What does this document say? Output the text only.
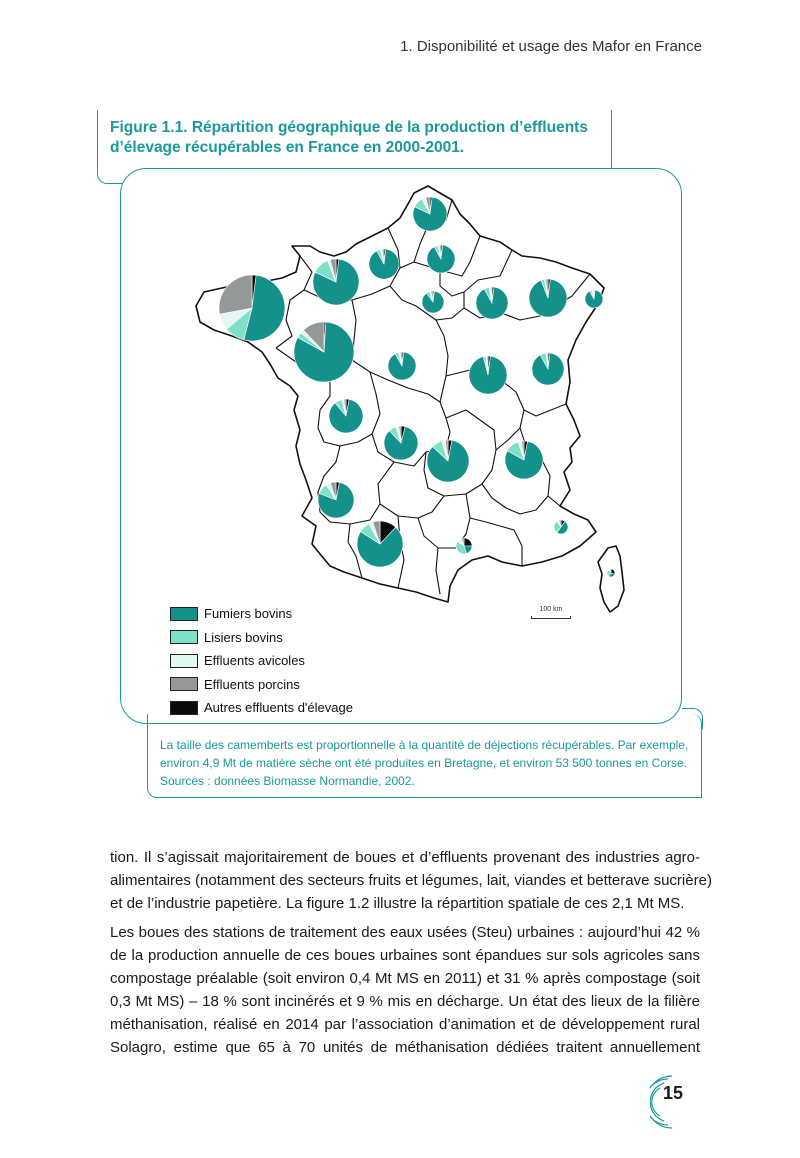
1. Disponibilité et usage des Mafor en France

Figure 1.1. Répartition géographique de la production d’effluents

d’élevage récupérables en France en 2000-2001.

100 km
Fumiers bovins
Lisiers bovins
Effluents avicoles
Effluents porcins
Autres effluents d'élevage

La taille des camemberts est proportionnelle à la quantité de déjections récupérables. Par exemple,

environ 4,9 Mt de matière sèche ont été produites en Bretagne, et environ 53 500 tonnes en Corse.

Sources : données Biomasse Normandie, 2002.

tion. Il s’agissait majoritairement de boues et d’effluents provenant des industries agro-
alimentaires (notamment des secteurs fruits et légumes, lait, viandes et betterave sucrière)
et de l’industrie papetière. La figure 1.2 illustre la répartition spatiale de ces 2,1 Mt MS.

Les boues des stations de traitement des eaux usées (Steu) urbaines : aujourd’hui 42 %
de la production annuelle de ces boues urbaines sont épandues sur sols agricoles sans
compostage préalable (soit environ 0,4 Mt MS en 2011) et 31 % après compostage (soit
0,3 Mt MS) – 18 % sont incinérés et 9 % mis en décharge. Un état des lieux de la filière
méthanisation, réalisé en 2014 par l’association d’animation et de développement rural
Solagro, estime que 65 à 70 unités de méthanisation dédiées traitent annuellement

15
